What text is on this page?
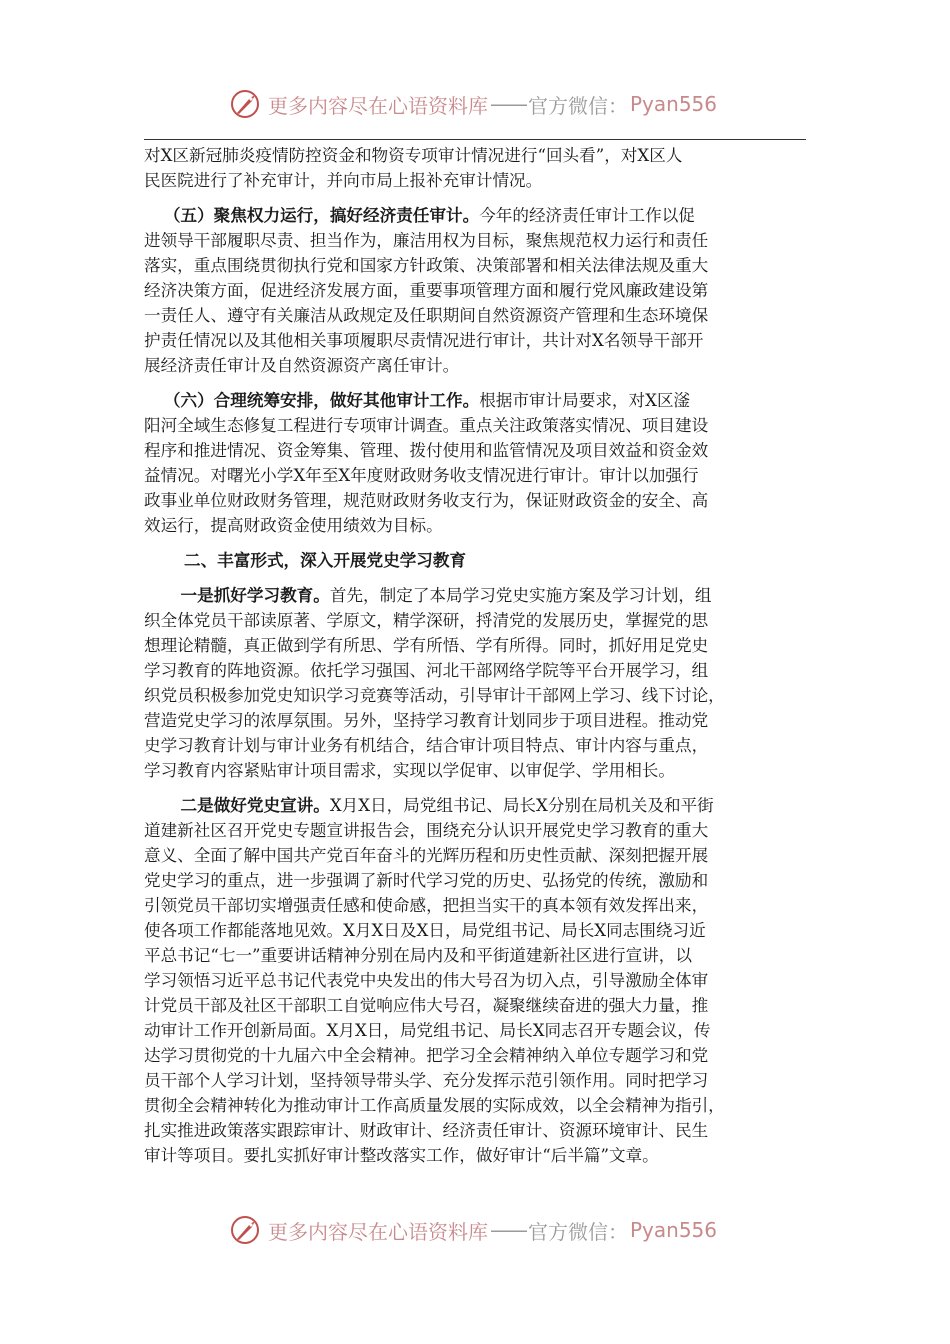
更多内容尽在心语资料库 —— 官方微信： Pyan556

对X区新冠肺炎疫情防控资金和物资专项审计情况进行“回头看”，对X区人
民医院进行了补充审计，并向市局上报补充审计情况。

（五）聚焦权力运行，搞好经济责任审计。今年的经济责任审计工作以促
进领导干部履职尽责、担当作为，廉洁用权为目标，聚焦规范权力运行和责任
落实，重点围绕贯彻执行党和国家方针政策、决策部署和相关法律法规及重大
经济决策方面，促进经济发展方面，重要事项管理方面和履行党风廉政建设第
一责任人、遵守有关廉洁从政规定及任职期间自然资源资产管理和生态环境保
护责任情况以及其他相关事项履职尽责情况进行审计，共计对X名领导干部开
展经济责任审计及自然资源资产离任审计。

（六）合理统筹安排，做好其他审计工作。根据市审计局要求，对X区滏
阳河全域生态修复工程进行专项审计调查。重点关注政策落实情况、项目建设
程序和推进情况、资金筹集、管理、拨付使用和监管情况及项目效益和资金效
益情况。对曙光小学X年至X年度财政财务收支情况进行审计。审计以加强行
政事业单位财政财务管理，规范财政财务收支行为，保证财政资金的安全、高
效运行，提高财政资金使用绩效为目标。

二、丰富形式，深入开展党史学习教育

一是抓好学习教育。首先，制定了本局学习党史实施方案及学习计划，组
织全体党员干部读原著、学原文，精学深研，捋清党的发展历史，掌握党的思
想理论精髓，真正做到学有所思、学有所悟、学有所得。同时，抓好用足党史
学习教育的阵地资源。依托学习强国、河北干部网络学院等平台开展学习，组
织党员积极参加党史知识学习竞赛等活动，引导审计干部网上学习、线下讨论，
营造党史学习的浓厚氛围。另外，坚持学习教育计划同步于项目进程。推动党
史学习教育计划与审计业务有机结合，结合审计项目特点、审计内容与重点，
学习教育内容紧贴审计项目需求，实现以学促审、以审促学、学用相长。

二是做好党史宣讲。X月X日，局党组书记、局长X分别在局机关及和平街
道建新社区召开党史专题宣讲报告会，围绕充分认识开展党史学习教育的重大
意义、全面了解中国共产党百年奋斗的光辉历程和历史性贡献、深刻把握开展
党史学习的重点，进一步强调了新时代学习党的历史、弘扬党的传统，激励和
引领党员干部切实增强责任感和使命感，把担当实干的真本领有效发挥出来，
使各项工作都能落地见效。X月X日及X日，局党组书记、局长X同志围绕习近
平总书记“七一”重要讲话精神分别在局内及和平街道建新社区进行宣讲，以
学习领悟习近平总书记代表党中央发出的伟大号召为切入点，引导激励全体审
计党员干部及社区干部职工自觉响应伟大号召，凝聚继续奋进的强大力量，推
动审计工作开创新局面。X月X日，局党组书记、局长X同志召开专题会议，传
达学习贯彻党的十九届六中全会精神。把学习全会精神纳入单位专题学习和党
员干部个人学习计划，坚持领导带头学、充分发挥示范引领作用。同时把学习
贯彻全会精神转化为推动审计工作高质量发展的实际成效，以全会精神为指引，
扎实推进政策落实跟踪审计、财政审计、经济责任审计、资源环境审计、民生
审计等项目。要扎实抓好审计整改落实工作，做好审计“后半篇”文章。

更多内容尽在心语资料库 —— 官方微信： Pyan556
